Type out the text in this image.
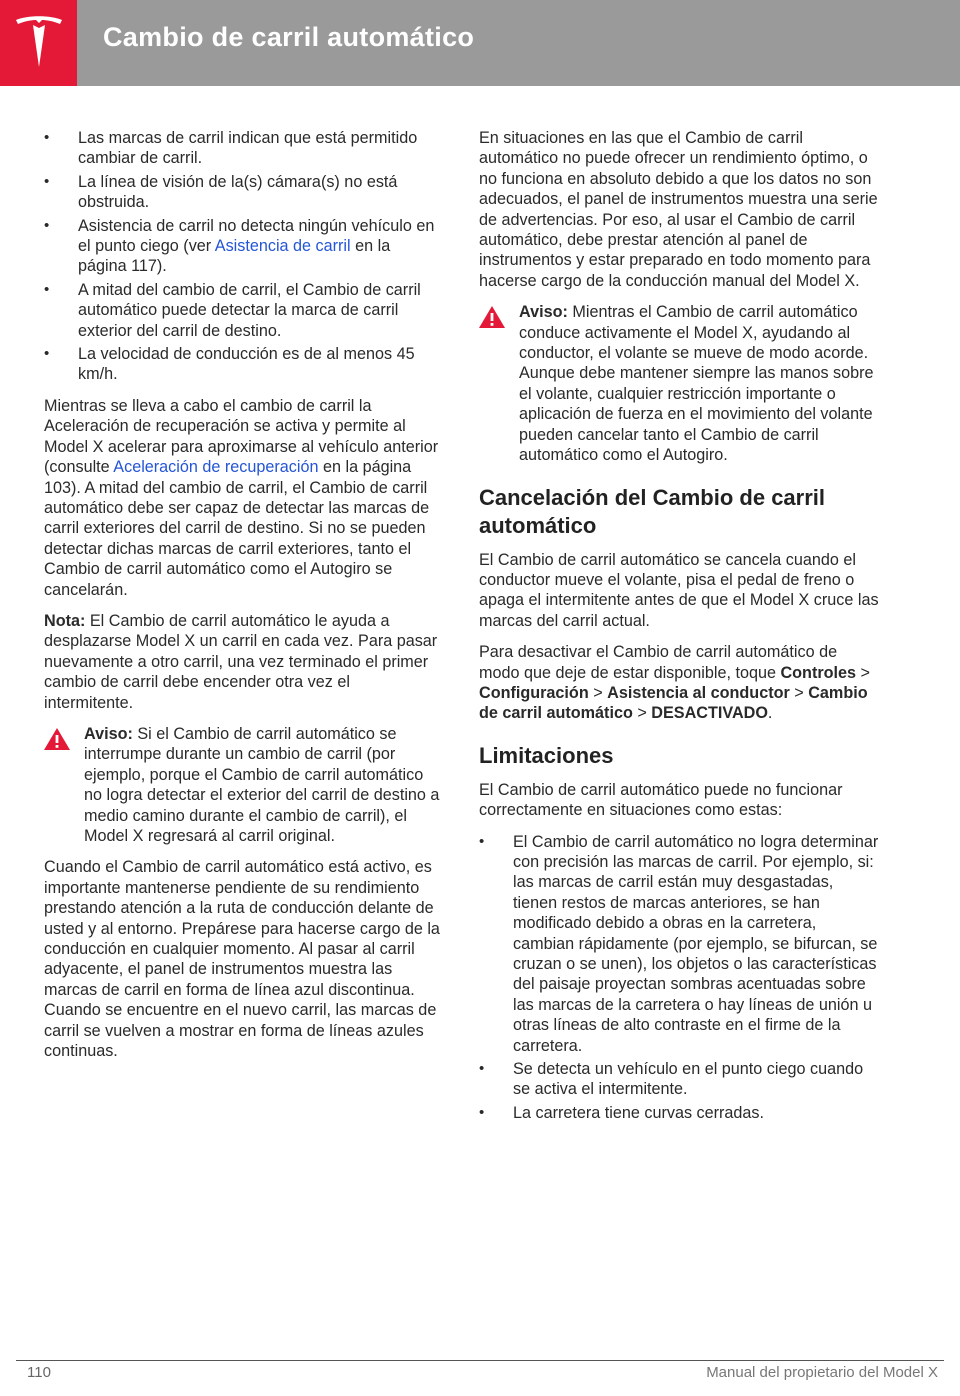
Cambio de carril automático
•	Las marcas de carril indican que está permitido cambiar de carril.
•	La línea de visión de la(s) cámara(s) no está obstruida.
•	Asistencia de carril no detecta ningún vehículo en el punto ciego (ver Asistencia de carril en la página 117).
•	A mitad del cambio de carril, el Cambio de carril automático puede detectar la marca de carril exterior del carril de destino.
•	La velocidad de conducción es de al menos 45 km/h.

Mientras se lleva a cabo el cambio de carril la Aceleración de recuperación se activa y permite al Model X acelerar para aproximarse al vehículo anterior (consulte Aceleración de recuperación en la página 103). A mitad del cambio de carril, el Cambio de carril automático debe ser capaz de detectar las marcas de carril exteriores del carril de destino. Si no se pueden detectar dichas marcas de carril exteriores, tanto el Cambio de carril automático como el Autogiro se cancelarán.

Nota: El Cambio de carril automático le ayuda a desplazarse Model X un carril en cada vez. Para pasar nuevamente a otro carril, una vez terminado el primer cambio de carril debe encender otra vez el intermitente.

Aviso: Si el Cambio de carril automático se interrumpe durante un cambio de carril (por ejemplo, porque el Cambio de carril automático no logra detectar el exterior del carril de destino a medio camino durante el cambio de carril), el Model X regresará al carril original.

Cuando el Cambio de carril automático está activo, es importante mantenerse pendiente de su rendimiento prestando atención a la ruta de conducción delante de usted y al entorno. Prepárese para hacerse cargo de la conducción en cualquier momento. Al pasar al carril adyacente, el panel de instrumentos muestra las marcas de carril en forma de línea azul discontinua. Cuando se encuentre en el nuevo carril, las marcas de carril se vuelven a mostrar en forma de líneas azules continuas.

En situaciones en las que el Cambio de carril automático no puede ofrecer un rendimiento óptimo, o no funciona en absoluto debido a que los datos no son adecuados, el panel de instrumentos muestra una serie de advertencias. Por eso, al usar el Cambio de carril automático, debe prestar atención al panel de instrumentos y estar preparado en todo momento para hacerse cargo de la conducción manual del Model X.

Aviso: Mientras el Cambio de carril automático conduce activamente el Model X, ayudando al conductor, el volante se mueve de modo acorde. Aunque debe mantener siempre las manos sobre el volante, cualquier restricción importante o aplicación de fuerza en el movimiento del volante pueden cancelar tanto el Cambio de carril automático como el Autogiro.
Cancelación del Cambio de carril automático

El Cambio de carril automático se cancela cuando el conductor mueve el volante, pisa el pedal de freno o apaga el intermitente antes de que el Model X cruce las marcas del carril actual.

Para desactivar el Cambio de carril automático de modo que deje de estar disponible, toque Controles > Configuración > Asistencia al conductor > Cambio de carril automático > DESACTIVADO.

Limitaciones

El Cambio de carril automático puede no funcionar correctamente en situaciones como estas:

•	El Cambio de carril automático no logra determinar con precisión las marcas de carril. Por ejemplo, si: las marcas de carril están muy desgastadas, tienen restos de marcas anteriores, se han modificado debido a obras en la carretera, cambian rápidamente (por ejemplo, se bifurcan, se cruzan o se unen), los objetos o las características del paisaje proyectan sombras acentuadas sobre las marcas de la carretera o hay líneas de unión u otras líneas de alto contraste en el firme de la carretera.
•	Se detecta un vehículo en el punto ciego cuando se activa el intermitente.
•	La carretera tiene curvas cerradas.
110	Manual del propietario del Model X
